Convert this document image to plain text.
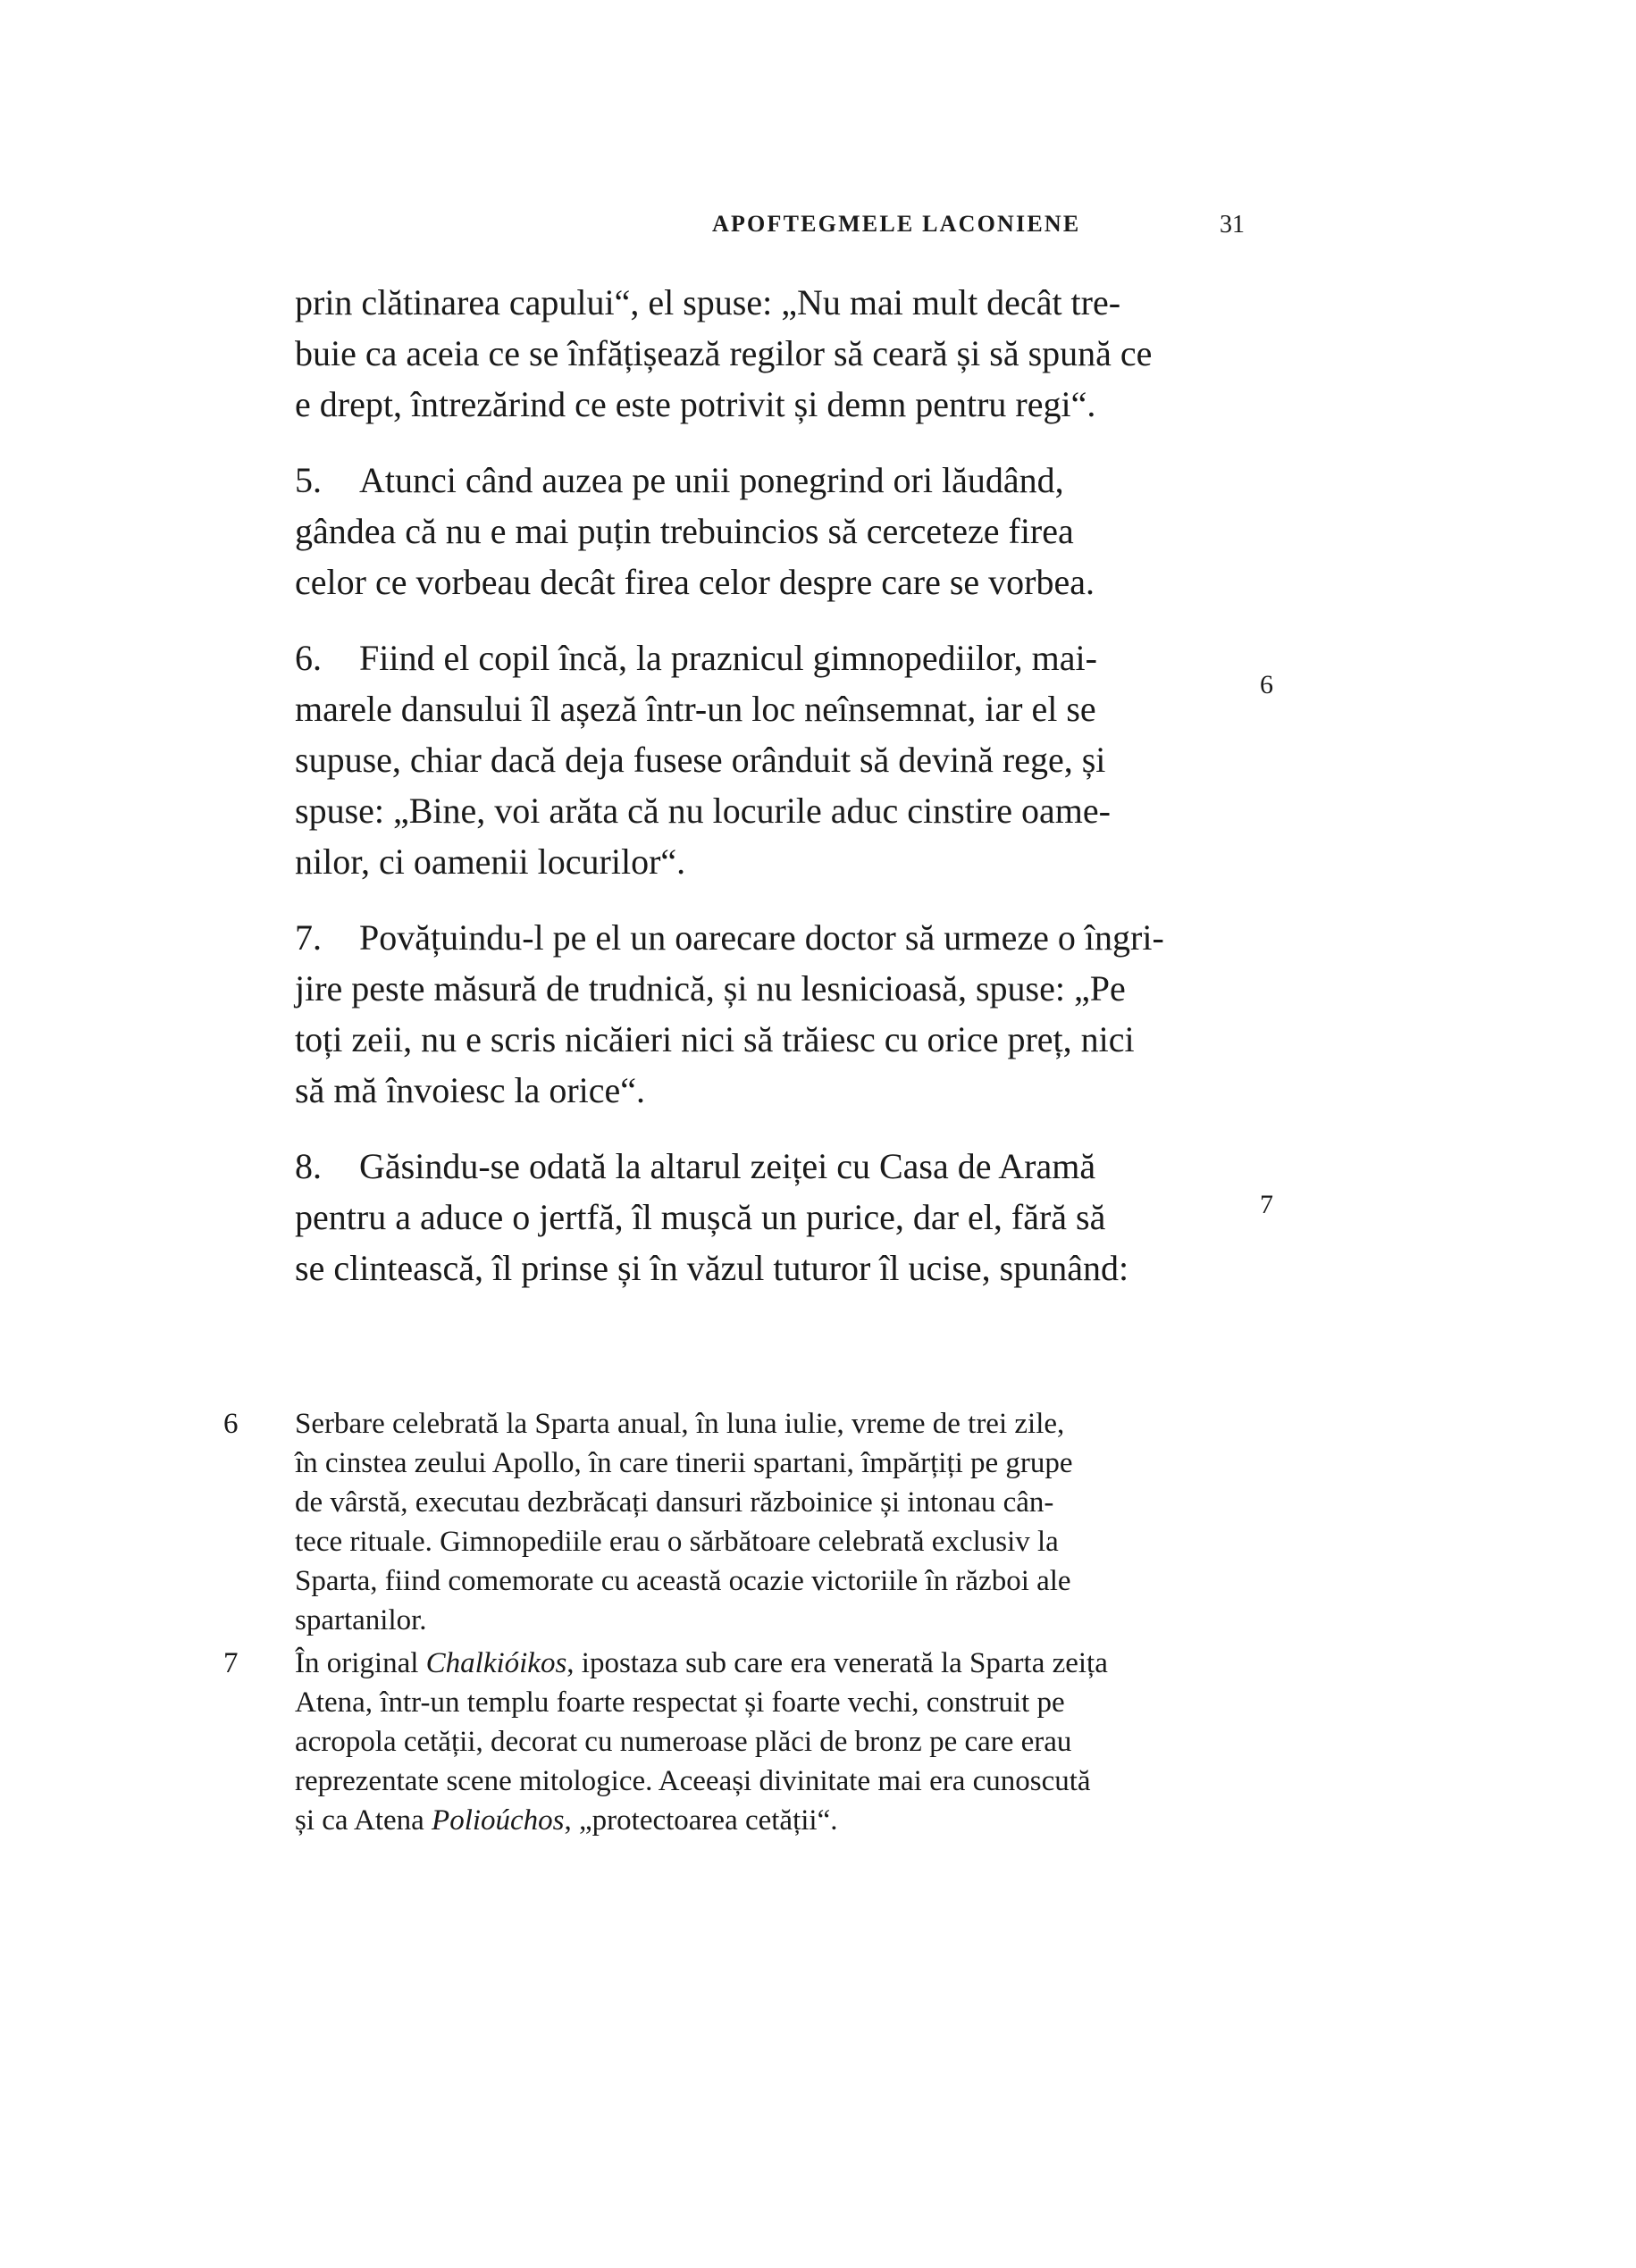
APOFTEGMELE LACONIENE	31

prin clătinarea capului“, el spuse: „Nu mai mult decât tre-
buie ca aceia ce se înfățișează regilor să ceară și să spună ce
e drept, întrezărind ce este potrivit și demn pentru regi“.

5. Atunci când auzea pe unii ponegrind ori lăudând,
gândea că nu e mai puțin trebuincios să cerceteze firea
celor ce vorbeau decât firea celor despre care se vorbea.

6. Fiind el copil încă, la praznicul gimnopediilor, mai-
marele dansului îl așeză într-un loc neînsemnat, iar el se
supuse, chiar dacă deja fusese orânduit să devină rege, și
spuse: „Bine, voi arăta că nu locurile aduc cinstire oame-
nilor, ci oamenii locurilor“.

7. Povățuindu-l pe el un oarecare doctor să urmeze o îngri-
jire peste măsură de trudnică, și nu lesnicioasă, spuse: „Pe
toți zeii, nu e scris nicăieri nici să trăiesc cu orice preț, nici
să mă învoiesc la orice“.

8. Găsindu-se odată la altarul zeiței cu Casa de Aramă
pentru a aduce o jertfă, îl mușcă un purice, dar el, fără să
se clintească, îl prinse și în văzul tuturor îl ucise, spunând:

6
7
6	Serbare celebrată la Sparta anual, în luna iulie, vreme de trei zile,
în cinstea zeului Apollo, în care tinerii spartani, împărțiți pe grupe
de vârstă, executau dezbrăcați dansuri războinice și intonau cân-
tece rituale. Gimnopediile erau o sărbătoare celebrată exclusiv la
Sparta, fiind comemorate cu această ocazie victoriile în război ale
spartanilor.
7	În original Chalkióikos, ipostaza sub care era venerată la Sparta zeița
Atena, într-un templu foarte respectat și foarte vechi, construit pe
acropola cetății, decorat cu numeroase plăci de bronz pe care erau
reprezentate scene mitologice. Aceeași divinitate mai era cunoscută
și ca Atena Polioúchos, „protectoarea cetății“.
